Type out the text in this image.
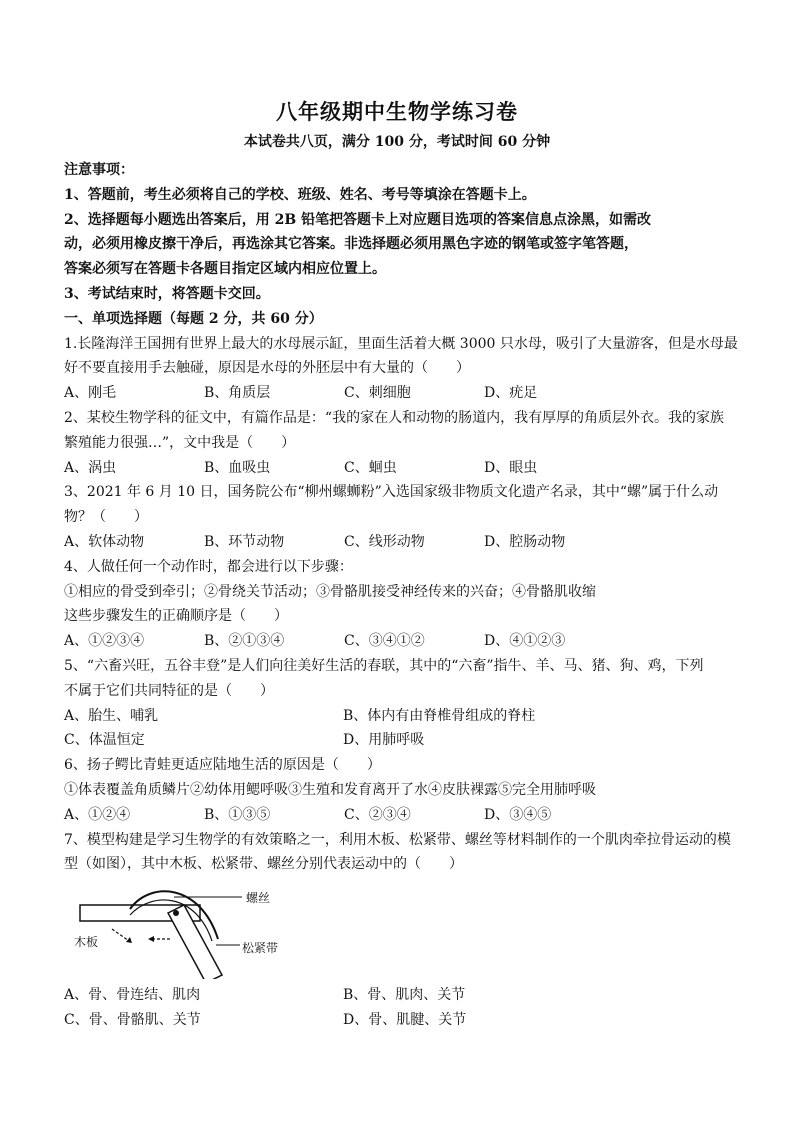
八年级期中生物学练习卷
本试卷共八页，满分 100 分，考试时间 60 分钟
注意事项：
1、答题前，考生必须将自己的学校、班级、姓名、考号等填涂在答题卡上。
2、选择题每小题选出答案后，用 2B 铅笔把答题卡上对应题目选项的答案信息点涂黑，如需改
动，必须用橡皮擦干净后，再选涂其它答案。非选择题必须用黑色字迹的钢笔或签字笔答题，
答案必须写在答题卡各题目指定区域内相应位置上。
3、考试结束时，将答题卡交回。
一、单项选择题（每题 2 分，共 60 分）
1.长隆海洋王国拥有世界上最大的水母展示缸，里面生活着大概 3000 只水母，吸引了大量游客，但是水母最
好不要直接用手去触碰，原因是水母的外胚层中有大量的（　　）
A、刚毛	B、角质层	C、刺细胞	D、疣足
2、某校生物学科的征文中，有篇作品是：“我的家在人和动物的肠道内，我有厚厚的角质层外衣。我的家族
繁殖能力很强…”，文中我是（　　）
A、涡虫	B、血吸虫	C、蛔虫	D、眼虫
3、2021 年 6 月 10 日，国务院公布“柳州螺蛳粉”入选国家级非物质文化遗产名录，其中“螺”属于什么动
物？（　　）
A、软体动物	B、环节动物	C、线形动物	D、腔肠动物
4、人做任何一个动作时，都会进行以下步骤：
①相应的骨受到牵引；②骨绕关节活动；③骨骼肌接受神经传来的兴奋；④骨骼肌收缩
这些步骤发生的正确顺序是（　　）
A、①②③④	B、②①③④	C、③④①②	D、④①②③
5、“六畜兴旺，五谷丰登”是人们向往美好生活的春联，其中的“六畜”指牛、羊、马、猪、狗、鸡，下列
不属于它们共同特征的是（　　）
A、胎生、哺乳	B、体内有由脊椎骨组成的脊柱
C、体温恒定	D、用肺呼吸
6、扬子鳄比青蛙更适应陆地生活的原因是（　　）
①体表覆盖角质鳞片②幼体用鳃呼吸③生殖和发育离开了水④皮肤裸露⑤完全用肺呼吸
A、①②④	B、①③⑤	C、②③④	D、③④⑤
7、模型构建是学习生物学的有效策略之一，利用木板、松紧带、螺丝等材料制作的一个肌肉牵拉骨运动的模
型（如图），其中木板、松紧带、螺丝分别代表运动中的（　　）
螺丝
木板	松紧带
A、骨、骨连结、肌肉	B、骨、肌肉、关节
C、骨、骨骼肌、关节	D、骨、肌腱、关节
